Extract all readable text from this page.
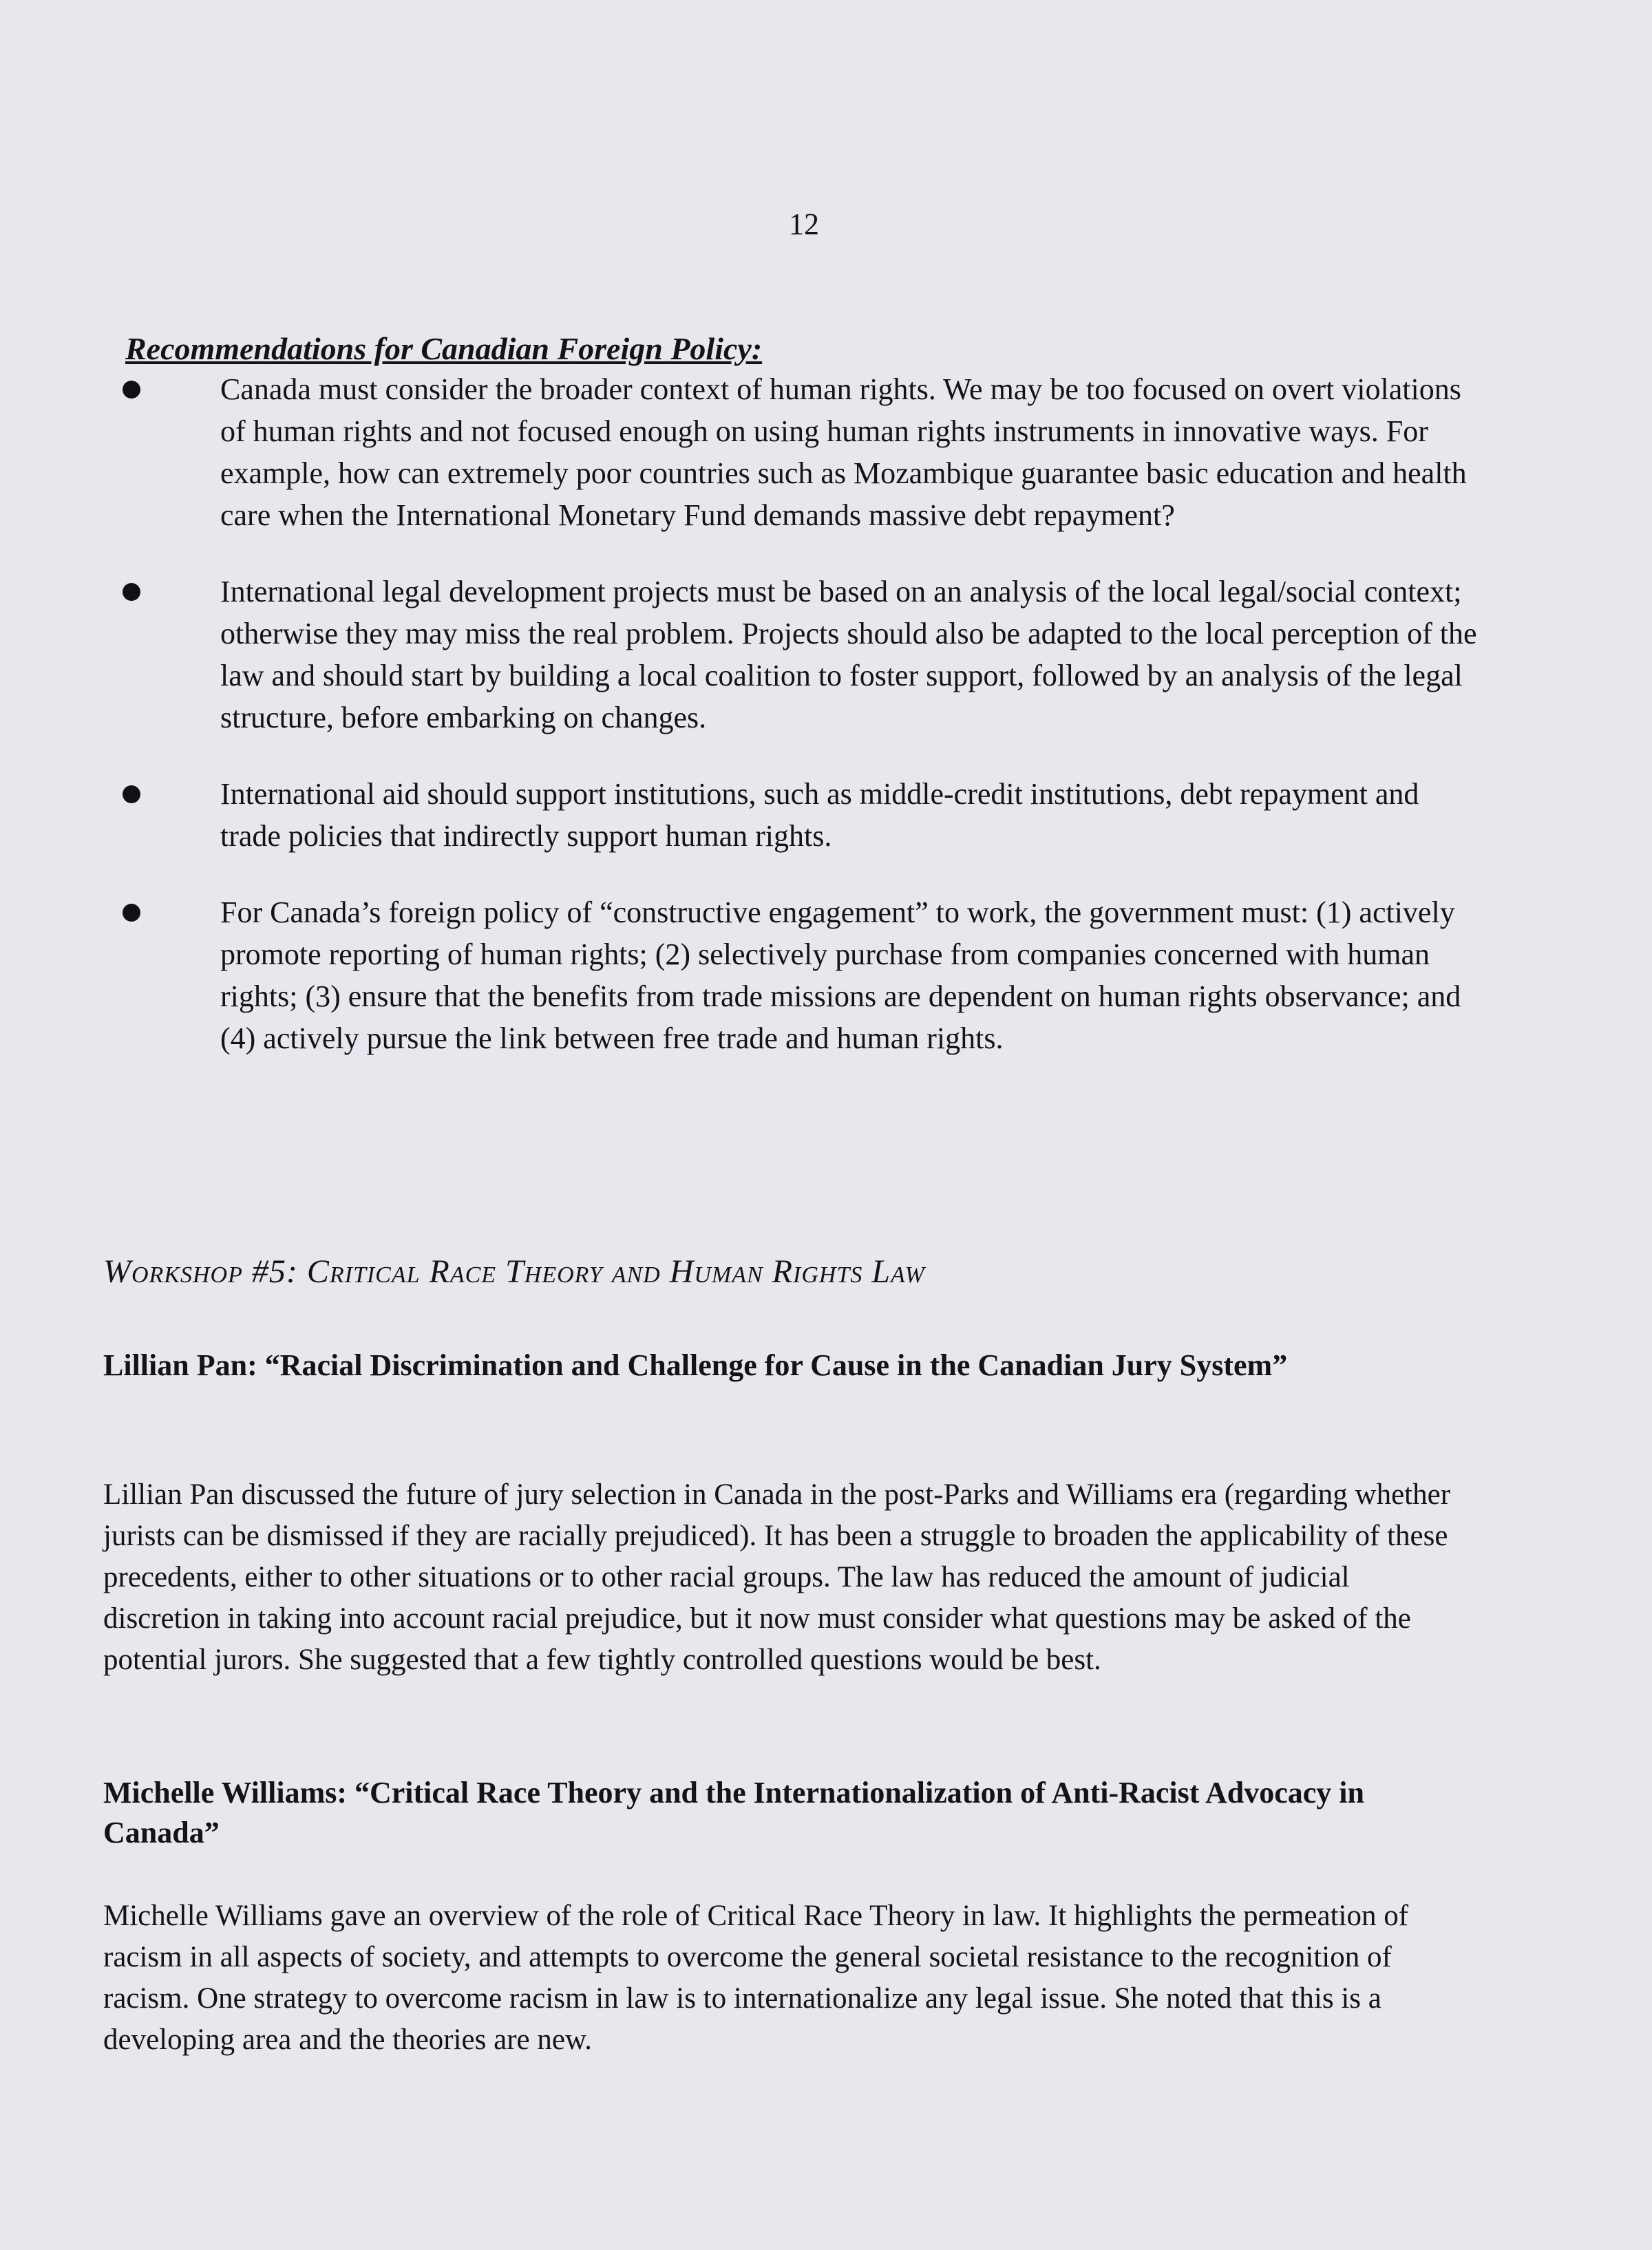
12
Recommendations for Canadian Foreign Policy:
Canada must consider the broader context of human rights. We may be too focused on overt violations of human rights and not focused enough on using human rights instruments in innovative ways. For example, how can extremely poor countries such as Mozambique guarantee basic education and health care when the International Monetary Fund demands massive debt repayment?
International legal development projects must be based on an analysis of the local legal/social context; otherwise they may miss the real problem. Projects should also be adapted to the local perception of the law and should start by building a local coalition to foster support, followed by an analysis of the legal structure, before embarking on changes.
International aid should support institutions, such as middle-credit institutions, debt repayment and trade policies that indirectly support human rights.
For Canada’s foreign policy of “constructive engagement” to work, the government must: (1) actively promote reporting of human rights; (2) selectively purchase from companies concerned with human rights; (3) ensure that the benefits from trade missions are dependent on human rights observance; and (4) actively pursue the link between free trade and human rights.
Workshop #5: Critical Race Theory and Human Rights Law
Lillian Pan: “Racial Discrimination and Challenge for Cause in the Canadian Jury System”
Lillian Pan discussed the future of jury selection in Canada in the post-Parks and Williams era (regarding whether jurists can be dismissed if they are racially prejudiced). It has been a struggle to broaden the applicability of these precedents, either to other situations or to other racial groups. The law has reduced the amount of judicial discretion in taking into account racial prejudice, but it now must consider what questions may be asked of the potential jurors. She suggested that a few tightly controlled questions would be best.
Michelle Williams: “Critical Race Theory and the Internationalization of Anti-Racist Advocacy in Canada”
Michelle Williams gave an overview of the role of Critical Race Theory in law. It highlights the permeation of racism in all aspects of society, and attempts to overcome the general societal resistance to the recognition of racism. One strategy to overcome racism in law is to internationalize any legal issue. She noted that this is a developing area and the theories are new.
